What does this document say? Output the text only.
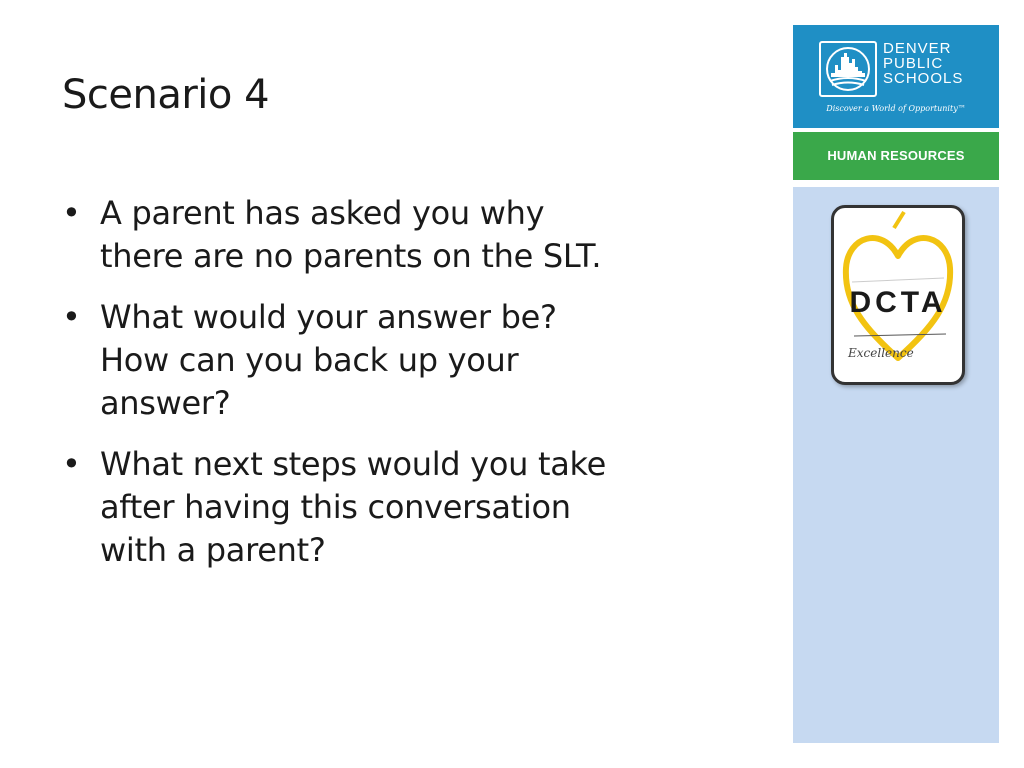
Scenario 4
• A parent has asked you why
there are no parents on the SLT.
• What would your answer be?
How can you back up your
answer?
• What next steps would you take
after having this conversation
with a parent?
DENVER
PUBLIC
SCHOOLS
Discover a World of Opportunity™
HUMAN RESOURCES
DCTA
Excellence
